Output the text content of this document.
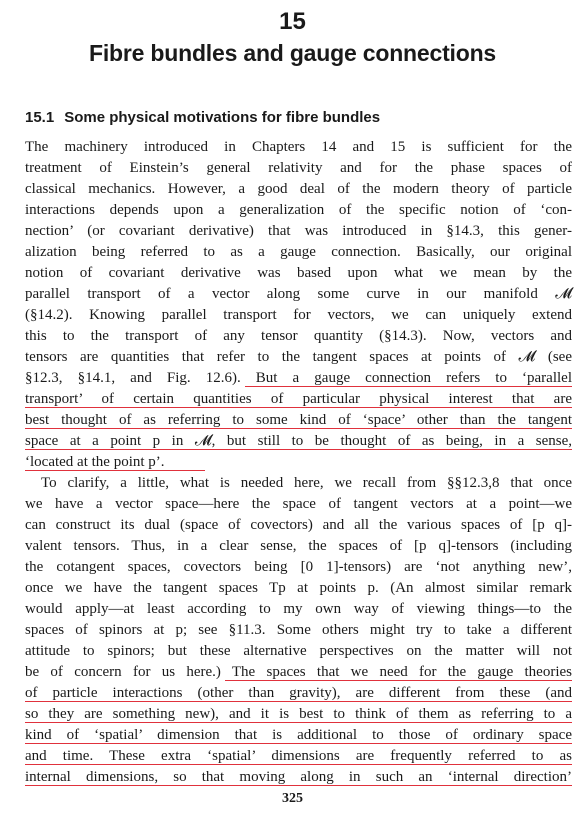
15
Fibre bundles and gauge connections
15.1 Some physical motivations for fibre bundles
The machinery introduced in Chapters 14 and 15 is sufficient for the
treatment of Einstein’s general relativity and for the phase spaces of
classical mechanics. However, a good deal of the modern theory of particle
interactions depends upon a generalization of the specific notion of ‘con-
nection’ (or covariant derivative) that was introduced in §14.3, this gener-
alization being referred to as a gauge connection. Basically, our original
notion of covariant derivative was based upon what we mean by the
parallel transport of a vector along some curve in our manifold 𝓜
(§14.2). Knowing parallel transport for vectors, we can uniquely extend
this to the transport of any tensor quantity (§14.3). Now, vectors and
tensors are quantities that refer to the tangent spaces at points of 𝓜 (see
§12.3, §14.1, and Fig. 12.6). But a gauge connection refers to ‘parallel
transport’ of certain quantities of particular physical interest that are
best thought of as referring to some kind of ‘space’ other than the tangent
space at a point p in 𝓜, but still to be thought of as being, in a sense,
‘located at the point p’.
To clarify, a little, what is needed here, we recall from §§12.3,8 that once
we have a vector space—here the space of tangent vectors at a point—we
can construct its dual (space of covectors) and all the various spaces of [p q]-
valent tensors. Thus, in a clear sense, the spaces of [p q]-tensors (including
the cotangent spaces, covectors being [0 1]-tensors) are ‘not anything new’,
once we have the tangent spaces Tp at points p. (An almost similar remark
would apply—at least according to my own way of viewing things—to the
spaces of spinors at p; see §11.3. Some others might try to take a different
attitude to spinors; but these alternative perspectives on the matter will not
be of concern for us here.) The spaces that we need for the gauge theories
of particle interactions (other than gravity), are different from these (and
so they are something new), and it is best to think of them as referring to a
kind of ‘spatial’ dimension that is additional to those of ordinary space
and time. These extra ‘spatial’ dimensions are frequently referred to as
internal dimensions, so that moving along in such an ‘internal direction’
325
